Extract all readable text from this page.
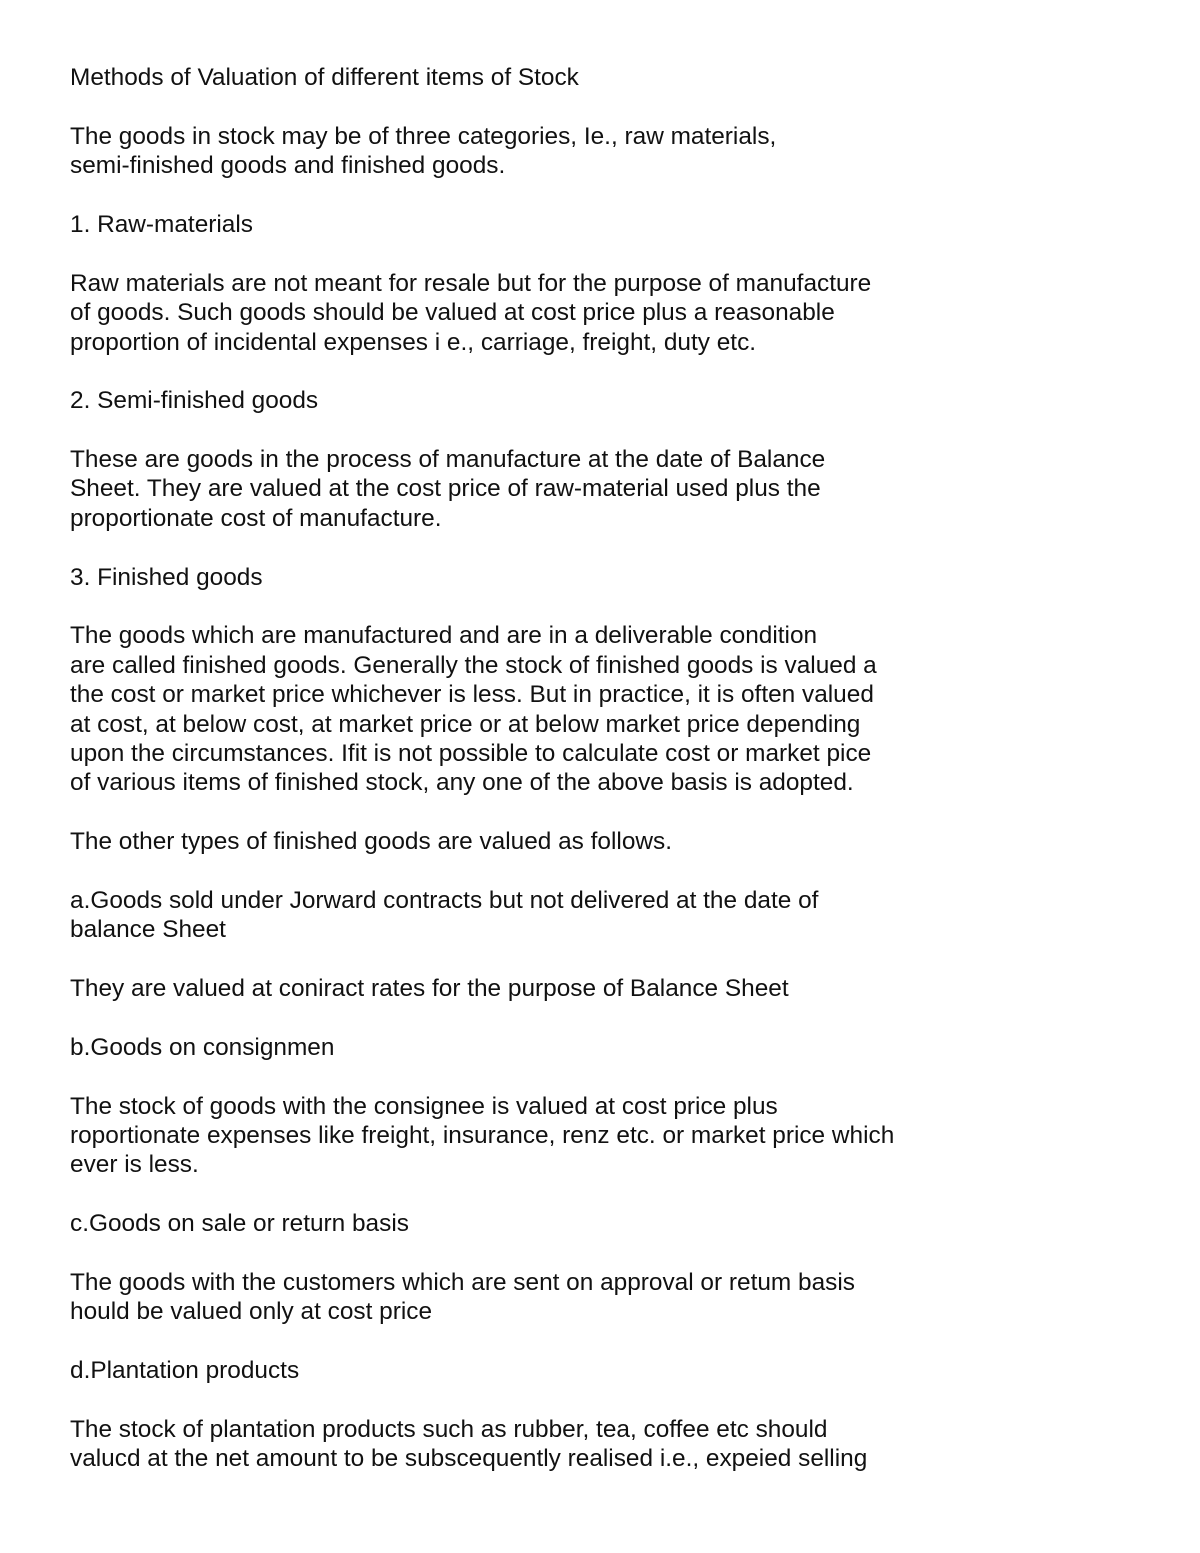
Methods of Valuation of different items of Stock
The goods in stock may be of three categories, Ie., raw materials,
semi-finished goods and finished goods.
1. Raw-materials
Raw materials are not meant for resale but for the purpose of manufacture
of goods. Such goods should be valued at cost price plus a reasonable
proportion of incidental expenses i e., carriage, freight, duty etc.
2. Semi-finished goods
These are goods in the process of manufacture at the date of Balance
Sheet. They are valued at the cost price of raw-material used plus the
proportionate cost of manufacture.
3. Finished goods
The goods which are manufactured and are in a deliverable condition
are called finished goods. Generally the stock of finished goods is valued a
the cost or market price whichever is less. But in practice, it is often valued
at cost, at below cost, at market price or at below market price depending
upon the circumstances. Ifit is not possible to calculate cost or market pice
of various items of finished stock, any one of the above basis is adopted.
The other types of finished goods are valued as follows.
a.Goods sold under Jorward contracts but not delivered at the date of
balance Sheet
They are valued at coniract rates for the purpose of Balance Sheet
b.Goods on consignmen
The stock of goods with the consignee is valued at cost price plus
roportionate expenses like freight, insurance, renz etc. or market price which
ever is less.
c.Goods on sale or return basis
The goods with the customers which are sent on approval or retum basis
hould be valued only at cost price
d.Plantation products
The stock of plantation products such as rubber, tea, coffee etc should
valucd at the net amount to be subscequently realised i.e., expeied selling
